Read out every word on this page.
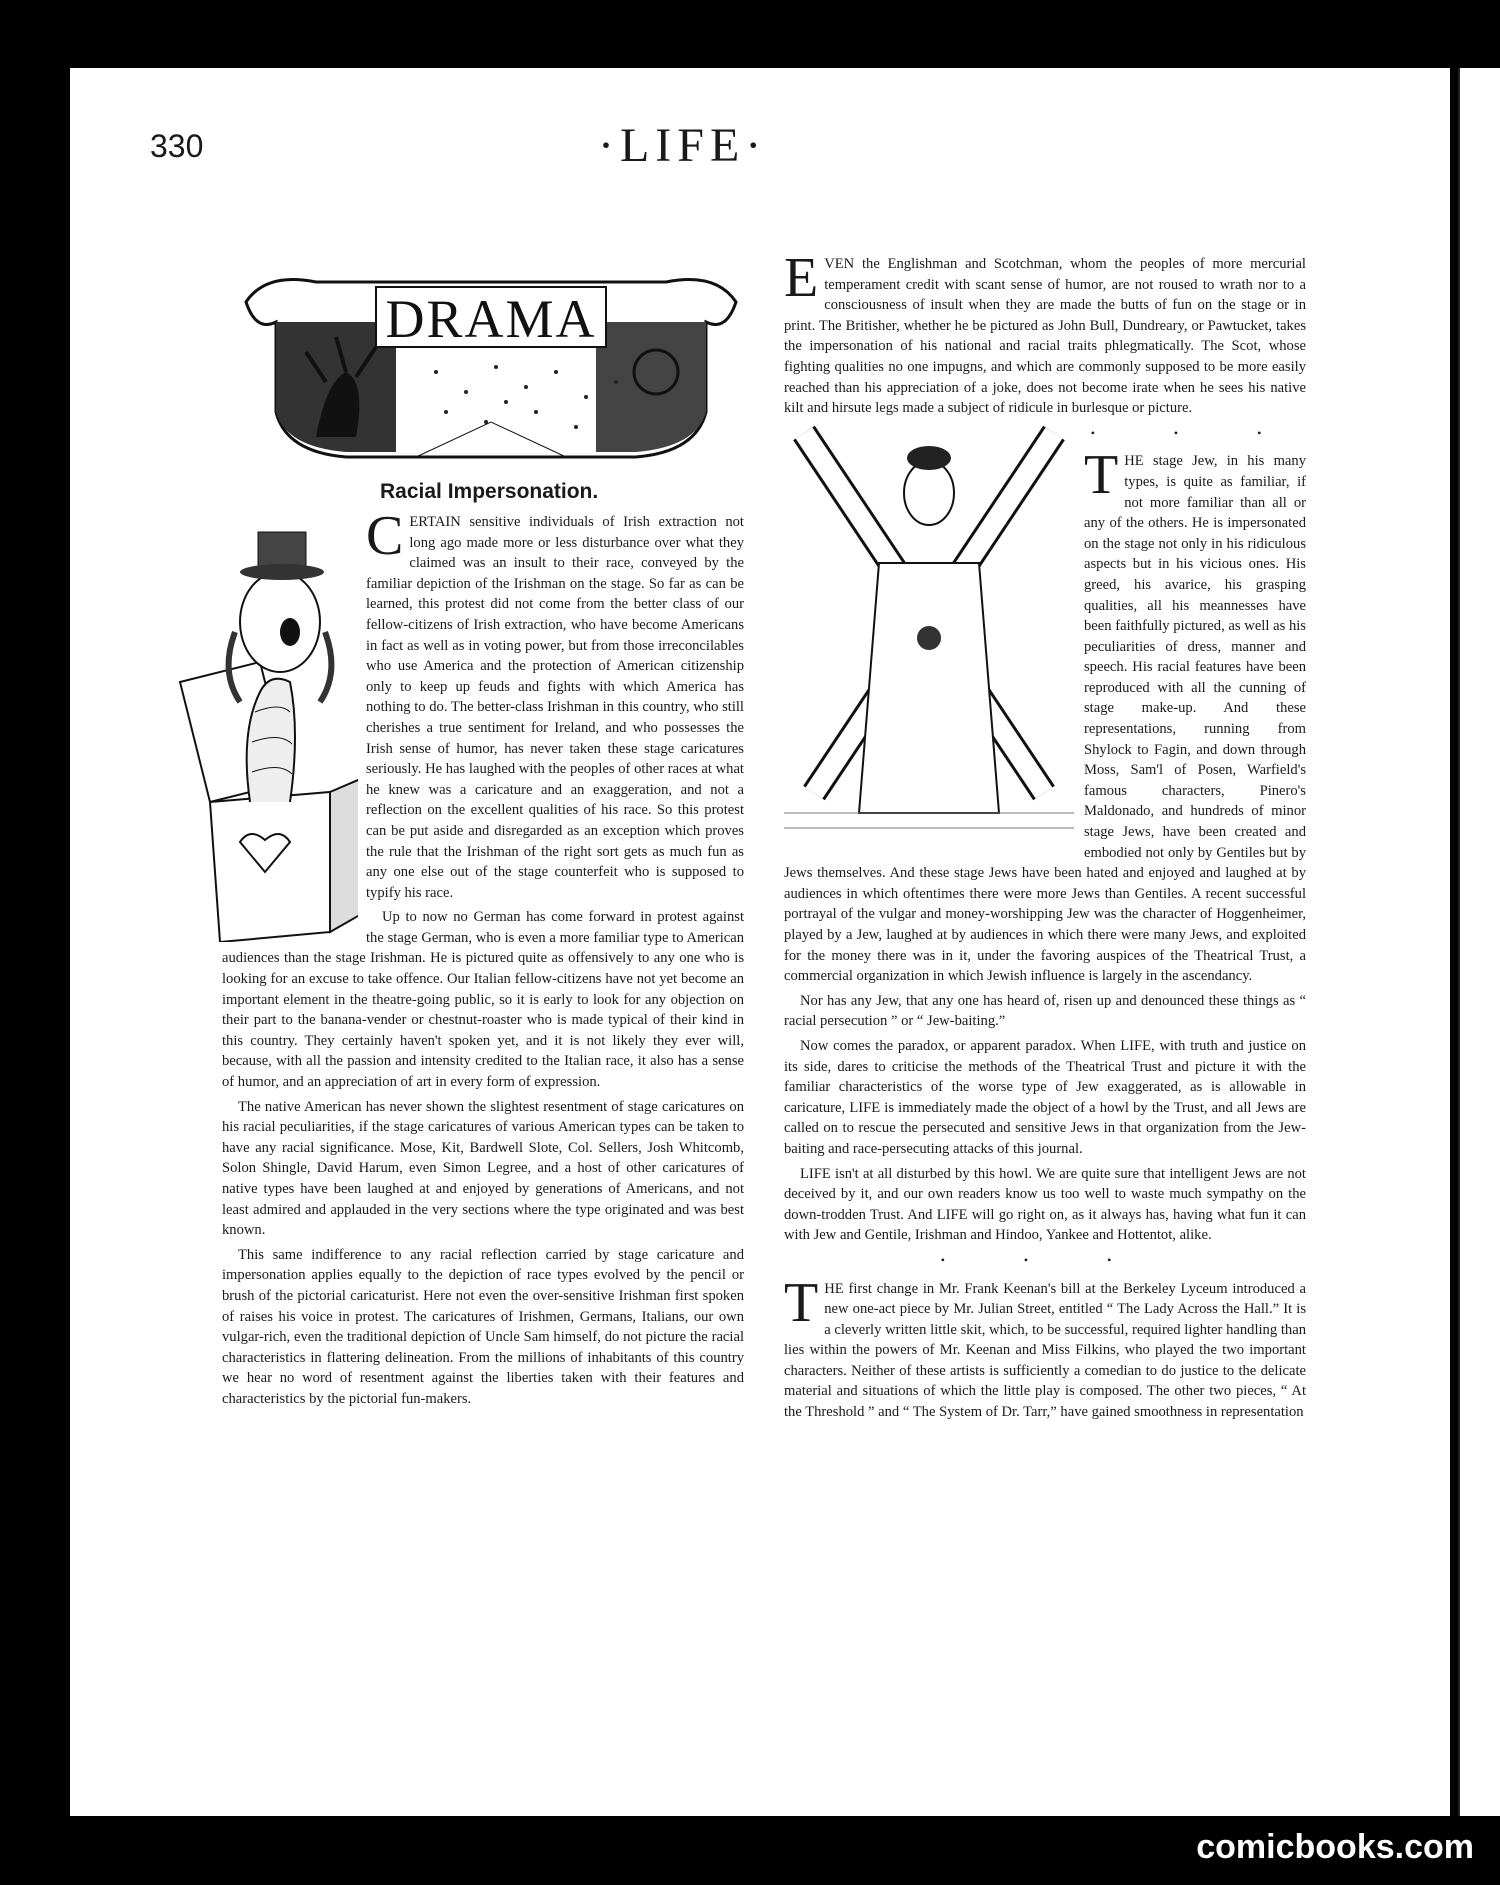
330	·LIFE·
DRAMA
Racial Impersonation.

CERTAIN sensitive individuals of Irish extraction not long ago made more or less disturbance over what they claimed was an insult to their race, conveyed by the familiar depiction of the Irishman on the stage. So far as can be learned, this protest did not come from the better class of our fellow-citizens of Irish extraction, who have become Americans in fact as well as in voting power, but from those irreconcilables who use America and the protection of American citizenship only to keep up feuds and fights with which America has nothing to do. The better-class Irishman in this country, who still cherishes a true sentiment for Ireland, and who possesses the Irish sense of humor, has never taken these stage caricatures seriously. He has laughed with the peoples of other races at what he knew was a caricature and an exaggeration, and not a reflection on the excellent qualities of his race. So this protest can be put aside and disregarded as an exception which proves the rule that the Irishman of the right sort gets as much fun as any one else out of the stage counterfeit who is supposed to typify his race.

Up to now no German has come forward in protest against the stage German, who is even a more familiar type to American audiences than the stage Irishman. He is pictured quite as offensively to any one who is looking for an excuse to take offence. Our Italian fellow-citizens have not yet become an important element in the theatre-going public, so it is early to look for any objection on their part to the banana-vender or chestnut-roaster who is made typical of their kind in this country. They certainly haven't spoken yet, and it is not likely they ever will, because, with all the passion and intensity credited to the Italian race, it also has a sense of humor, and an appreciation of art in every form of expression.

The native American has never shown the slightest resentment of stage caricatures on his racial peculiarities, if the stage caricatures of various American types can be taken to have any racial significance. Mose, Kit, Bardwell Slote, Col. Sellers, Josh Whitcomb, Solon Shingle, David Harum, even Simon Legree, and a host of other caricatures of native types have been laughed at and enjoyed by generations of Americans, and not least admired and applauded in the very sections where the type originated and was best known.

This same indifference to any racial reflection carried by stage caricature and impersonation applies equally to the depiction of race types evolved by the pencil or brush of the pictorial caricaturist. Here not even the over-sensitive Irishman first spoken of raises his voice in protest. The caricatures of Irishmen, Germans, Italians, our own vulgar-rich, even the traditional depiction of Uncle Sam himself, do not picture the racial characteristics in flattering delineation. From the millions of inhabitants of this country we hear no word of resentment against the liberties taken with their features and characteristics by the pictorial fun-makers.

EVEN the Englishman and Scotchman, whom the peoples of more mercurial temperament credit with scant sense of humor, are not roused to wrath nor to a consciousness of insult when they are made the butts of fun on the stage or in print. The Britisher, whether he be pictured as John Bull, Dundreary, or Pawtucket, takes the impersonation of his national and racial traits phlegmatically. The Scot, whose fighting qualities no one impugns, and which are commonly supposed to be more easily reached than his appreciation of a joke, does not become irate when he sees his native kilt and hirsute legs made a subject of ridicule in burlesque or picture.

• • •

THE stage Jew, in his many types, is quite as familiar, if not more familiar than all or any of the others. He is impersonated on the stage not only in his ridiculous aspects but in his vicious ones. His greed, his avarice, his grasping qualities, all his meannesses have been faithfully pictured, as well as his peculiarities of dress, manner and speech. His racial features have been reproduced with all the cunning of stage make-up. And these representations, running from Shylock to Fagin, and down through Moss, Sam'l of Posen, Warfield's famous characters, Pinero's Maldonado, and hundreds of minor stage Jews, have been created and embodied not only by Gentiles but by Jews themselves. And these stage Jews have been hated and enjoyed and laughed at by audiences in which oftentimes there were more Jews than Gentiles. A recent successful portrayal of the vulgar and money-worshipping Jew was the character of Hoggenheimer, played by a Jew, laughed at by audiences in which there were many Jews, and exploited for the money there was in it, under the favoring auspices of the Theatrical Trust, a commercial organization in which Jewish influence is largely in the ascendancy.

Nor has any Jew, that any one has heard of, risen up and denounced these things as “ racial persecution ” or “ Jew-baiting.”

Now comes the paradox, or apparent paradox. When LIFE, with truth and justice on its side, dares to criticise the methods of the Theatrical Trust and picture it with the familiar characteristics of the worse type of Jew exaggerated, as is allowable in caricature, LIFE is immediately made the object of a howl by the Trust, and all Jews are called on to rescue the persecuted and sensitive Jews in that organization from the Jew-baiting and race-persecuting attacks of this journal.

LIFE isn't at all disturbed by this howl. We are quite sure that intelligent Jews are not deceived by it, and our own readers know us too well to waste much sympathy on the down-trodden Trust. And LIFE will go right on, as it always has, having what fun it can with Jew and Gentile, Irishman and Hindoo, Yankee and Hottentot, alike.

• • •

THE first change in Mr. Frank Keenan's bill at the Berkeley Lyceum introduced a new one-act piece by Mr. Julian Street, entitled “ The Lady Across the Hall.” It is a cleverly written little skit, which, to be successful, required lighter handling than lies within the powers of Mr. Keenan and Miss Filkins, who played the two important characters. Neither of these artists is sufficiently a comedian to do justice to the delicate material and situations of which the little play is composed. The other two pieces, “ At the Threshold ” and “ The System of Dr. Tarr,” have gained smoothness in representation

comicbooks.com
